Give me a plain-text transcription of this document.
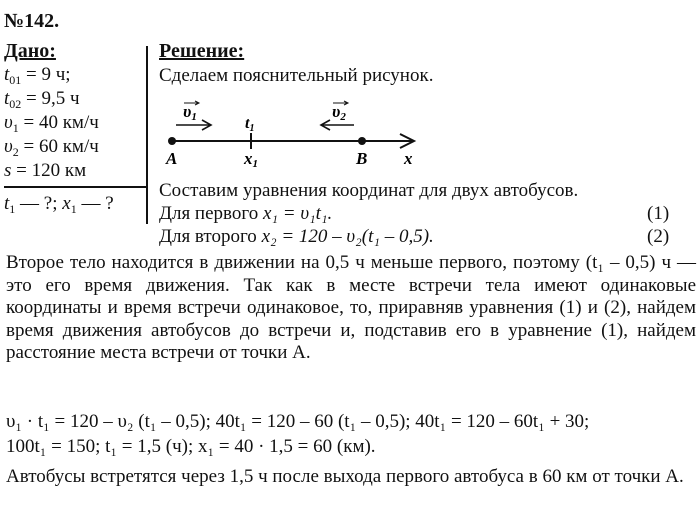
№142.
Дано:	Решение:
$t_{01} = 9$ ч;
$t_{02} = 9,5$ ч
$\upsilon_1 = 40$ км/ч
$\upsilon_2 = 60$ км/ч
s = 120 км
$t_1$ — ?; $x_1$ — ?
Сделаем пояснительный рисунок.
υ1	υ2
t1
A	x1	B x
Составим уравнения координат для двух автобусов.
Для первого x₁ = υ₁t₁.	(1)
Для второго x₂ = 120 – υ₂(t₁ – 0,5).	(2)
Второе тело находится в движении на 0,5 ч меньше первого, поэтому (t₁ – 0,5) ч — это его время движения. Так как в месте встречи тела имеют одинаковые координаты и время встречи одинаковое, то, приравняв уравнения (1) и (2), найдем время движения автобусов до встречи и, подставив его в уравнение (1), найдем расстояние места встречи от точки A.
υ₁ · t₁ = 120 – υ₂ (t₁ – 0,5); 40t₁ = 120 – 60 (t₁ – 0,5); 40t₁ = 120 – 60t₁ + 30;
100t₁ = 150; t₁ = 1,5 (ч); x₁ = 40 · 1,5 = 60 (км).
Автобусы встретятся через 1,5 ч после выхода первого автобуса в 60 км от точки A.
